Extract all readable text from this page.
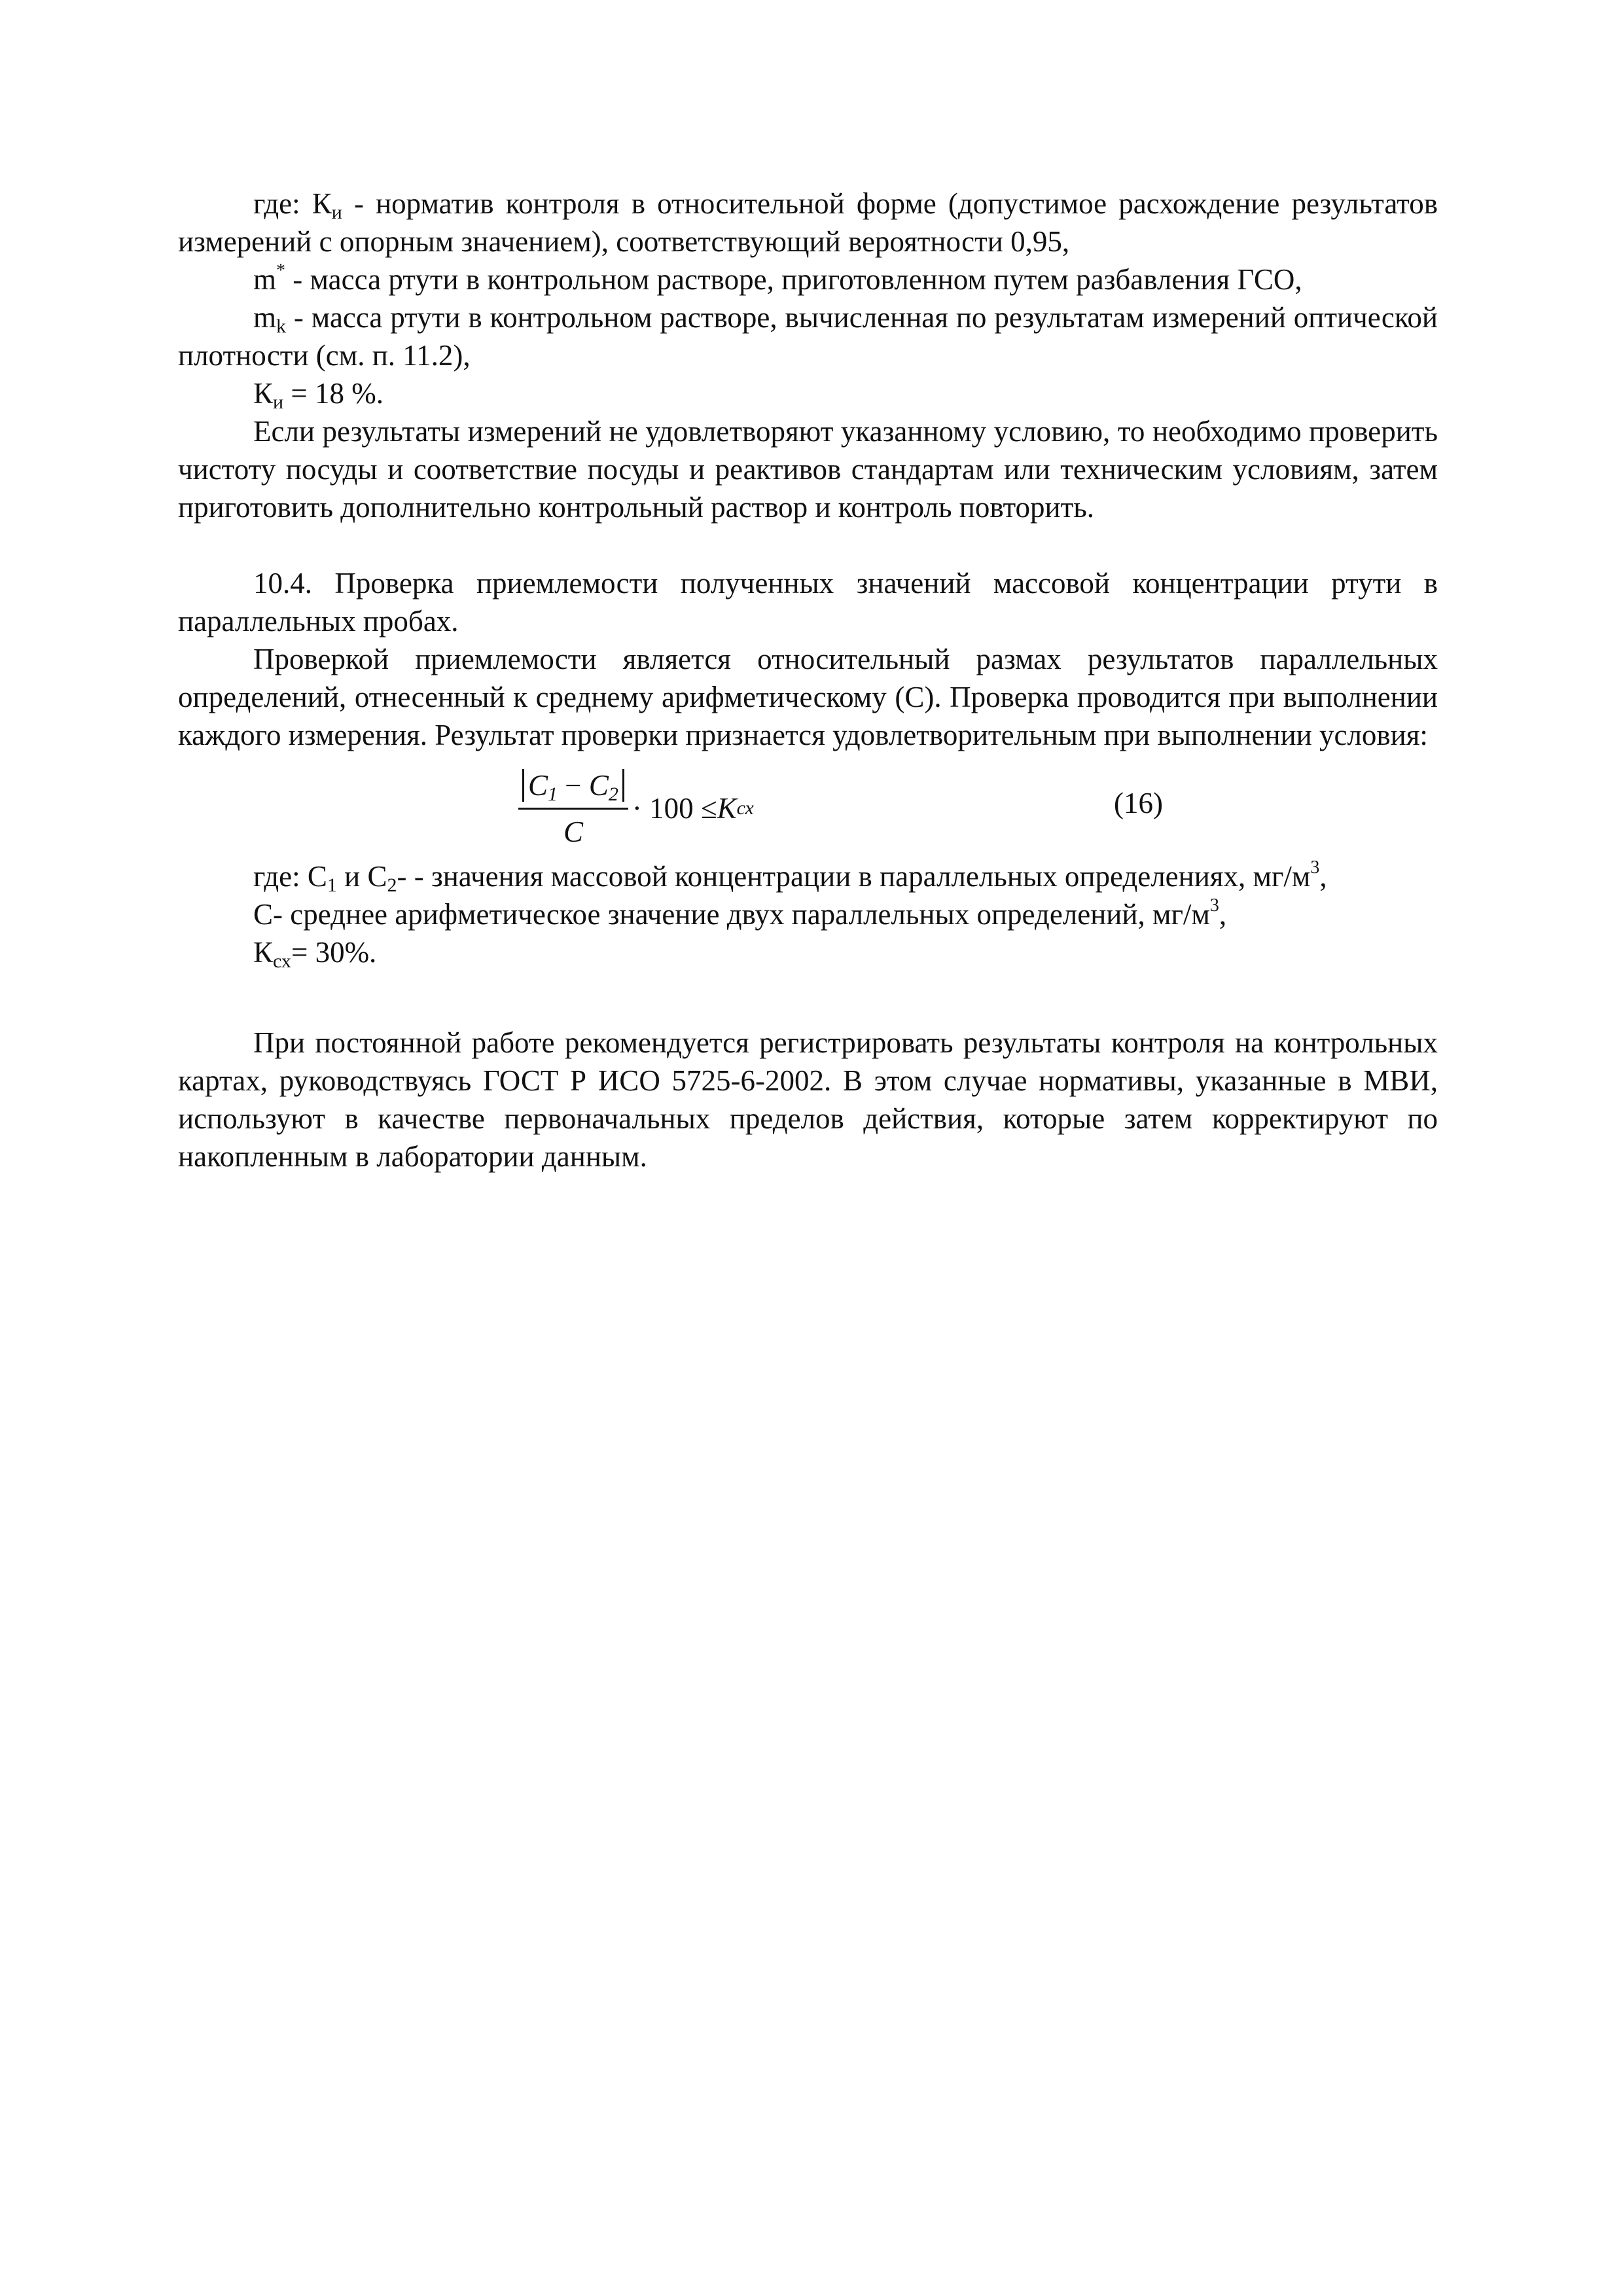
где: $К_и$ - норматив контроля в относительной форме (допустимое расхождение результатов измерений с опорным значением), соответствующий вероятности 0,95,

m* - масса ртути в контрольном растворе, приготовленном путем разбавления ГСО,

$m_k$ - масса ртути в контрольном растворе, вычисленная по результатам измерений оптической плотности (см. п. 11.2),

$К_и = 18$ %.

Если результаты измерений не удовлетворяют указанному условию, то необходимо проверить чистоту посуды и соответствие посуды и реактивов стандартам или техническим условиям, затем приготовить дополнительно контрольный раствор и контроль повторить.

10.4. Проверка приемлемости полученных значений массовой концентрации ртути в параллельных пробах.

Проверкой приемлемости является относительный размах результатов параллельных определений, отнесенный к среднему арифметическому (С). Проверка проводится при выполнении каждого измерения. Результат проверки признается удовлетворительным при выполнении условия:

$\frac{C_1 - C_2}{C} \cdot 100 \le K$ сх	(16)

где: $С_1$ и $С_2-$ - значения массовой концентрации в параллельных определениях, $мг/м^3$,

С- среднее арифметическое значение двух параллельных определений, $мг/м^3$,

$К_{сх}= 30\%$.

При постоянной работе рекомендуется регистрировать результаты контроля на контрольных картах, руководствуясь ГОСТ Р ИСО 5725-6-2002. В этом случае нормативы, указанные в МВИ, используют в качестве первоначальных пределов действия, которые затем корректируют по накопленным в лаборатории данным.
